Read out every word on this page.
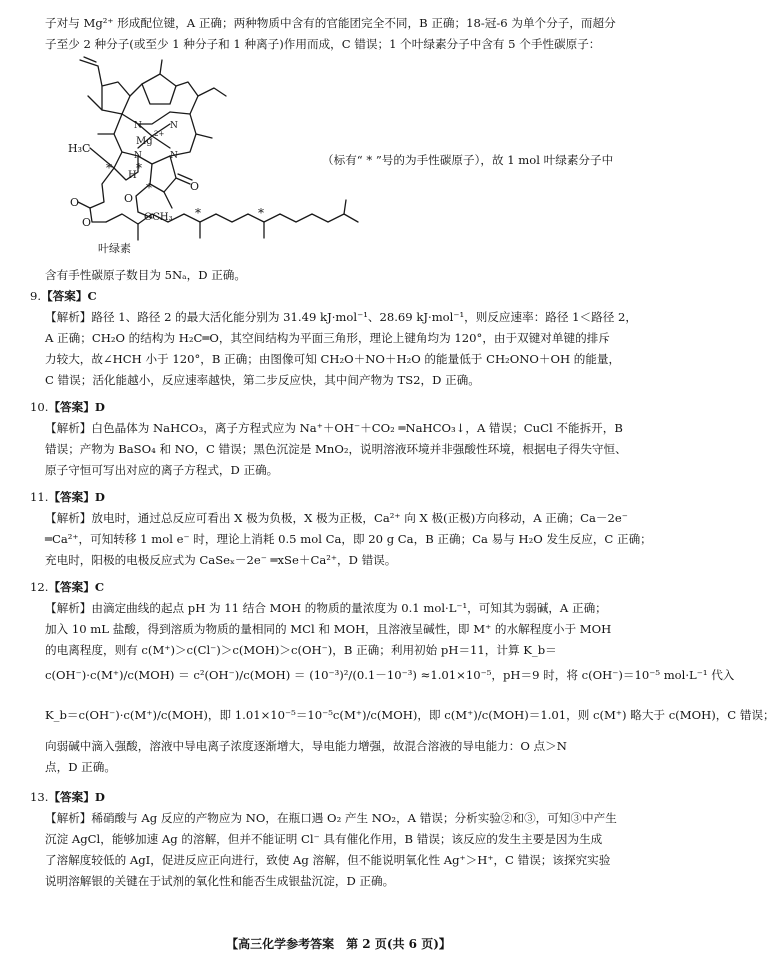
子对与 Mg²⁺ 形成配位键，A 正确；两种物质中含有的官能团完全不同，B 正确；18-冠-6 为单个分子，而超分
子至少 2 种分子(或至少 1 种分子和 1 种离子)作用而成，C 错误；1 个叶绿素分子中含有 5 个手性碳原子：
Mg
2+
N	N
N	N
H₃C
H
O
O
OCH₃
O
O
* *
*
*	*
叶绿素
（标有“ * ”号的为手性碳原子），故 1 mol 叶绿素分子中
含有手性碳原子数目为 5Nₐ，D 正确。
9.【答案】C
【解析】路径 1、路径 2 的最大活化能分别为 31.49 kJ·mol⁻¹、28.69 kJ·mol⁻¹，则反应速率：路径 1＜路径 2，
A 正确；CH₂O 的结构为 H₂C═O，其空间结构为平面三角形，理论上键角均为 120°，由于双键对单键的排斥
力较大，故∠HCH 小于 120°，B 正确；由图像可知 CH₂O＋NO＋H₂O 的能量低于 CH₂ONO＋OH 的能量，
C 错误；活化能越小，反应速率越快，第二步反应快，其中间产物为 TS2，D 正确。
10.【答案】D
【解析】白色晶体为 NaHCO₃，离子方程式应为 Na⁺＋OH⁻＋CO₂ ═NaHCO₃↓，A 错误；CuCl 不能拆开，B
错误；产物为 BaSO₄ 和 NO，C 错误；黑色沉淀是 MnO₂，说明溶液环境并非强酸性环境，根据电子得失守恒、
原子守恒可写出对应的离子方程式，D 正确。
11.【答案】D
【解析】放电时，通过总反应可看出 X 极为负极，X 极为正极，Ca²⁺ 向 X 极(正极)方向移动，A 正确；Ca－2e⁻
═Ca²⁺，可知转移 1 mol e⁻ 时，理论上消耗 0.5 mol Ca，即 20 g Ca，B 正确；Ca 易与 H₂O 发生反应，C 正确；
充电时，阳极的电极反应式为 CaSeₓ－2e⁻ ═xSe＋Ca²⁺，D 错误。
12.【答案】C
【解析】由滴定曲线的起点 pH 为 11 结合 MOH 的物质的量浓度为 0.1 mol·L⁻¹，可知其为弱碱，A 正确；
加入 10 mL 盐酸，得到溶质为物质的量相同的 MCl 和 MOH，且溶液呈碱性，即 M⁺ 的水解程度小于 MOH
的电离程度，则有 c(M⁺)＞c(Cl⁻)＞c(MOH)＞c(OH⁻)，B 正确；利用初始 pH＝11，计算 K_b＝
c(OH⁻)·c(M⁺)/c(MOH) ＝ c²(OH⁻)/c(MOH) ＝ (10⁻³)²/(0.1－10⁻³) ≈1.01×10⁻⁵，pH＝9 时，将 c(OH⁻)＝10⁻⁵ mol·L⁻¹ 代入
K_b＝c(OH⁻)·c(M⁺)/c(MOH)，即 1.01×10⁻⁵＝10⁻⁵c(M⁺)/c(MOH)，即 c(M⁺)/c(MOH)＝1.01，则 c(M⁺) 略大于 c(MOH)，C 错误；
向弱碱中滴入强酸，溶液中导电离子浓度逐渐增大，导电能力增强，故混合溶液的导电能力：O 点＞N
点，D 正确。
13.【答案】D
【解析】稀硝酸与 Ag 反应的产物应为 NO，在瓶口遇 O₂ 产生 NO₂，A 错误；分析实验②和③，可知③中产生
沉淀 AgCl，能够加速 Ag 的溶解，但并不能证明 Cl⁻ 具有催化作用，B 错误；该反应的发生主要是因为生成
了溶解度较低的 AgI，促进反应正向进行，致使 Ag 溶解，但不能说明氧化性 Ag⁺＞H⁺，C 错误；该探究实验
说明溶解银的关键在于试剂的氧化性和能否生成银盐沉淀，D 正确。
【高三化学参考答案　第 2 页(共 6 页)】
